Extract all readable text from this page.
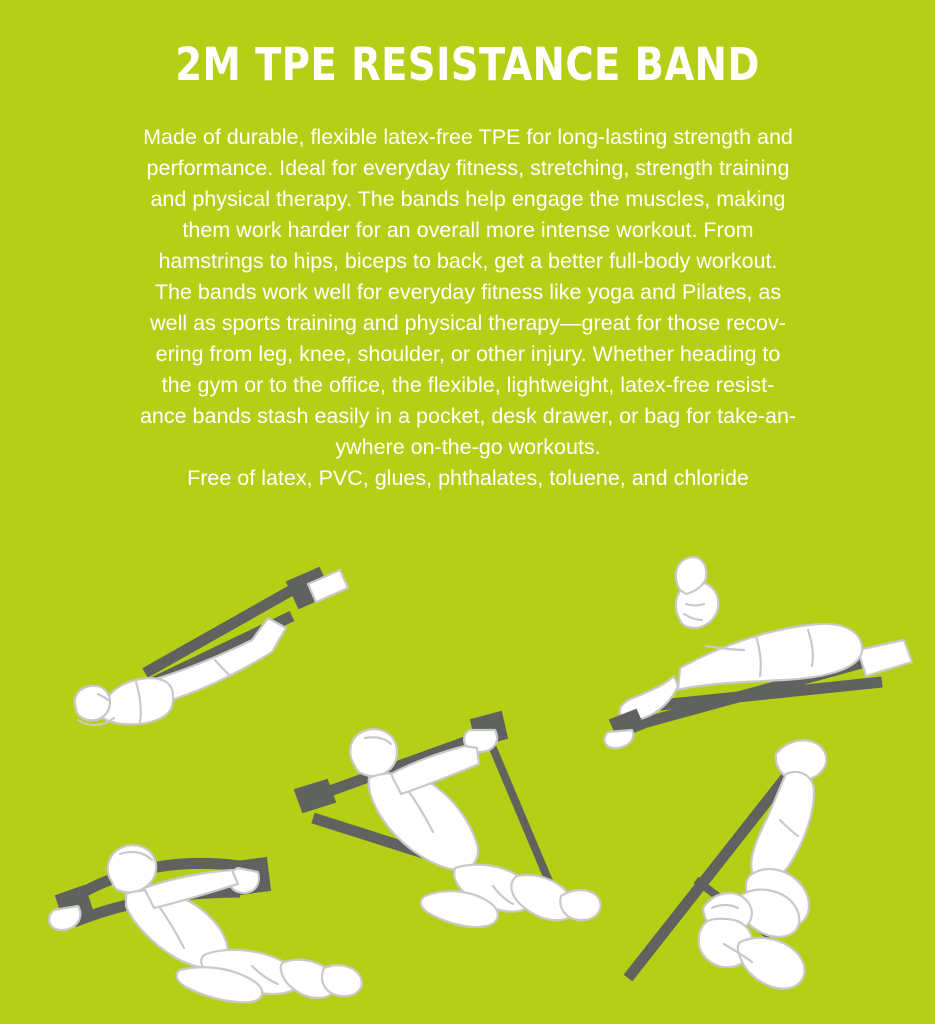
2M TPE RESISTANCE BAND
Made of durable, flexible latex-free TPE for long-lasting strength and
performance. Ideal for everyday fitness, stretching, strength training
and physical therapy. The bands help engage the muscles, making
them work harder for an overall more intense workout. From
hamstrings to hips, biceps to back, get a better full-body workout.
The bands work well for everyday fitness like yoga and Pilates, as
well as sports training and physical therapy—great for those recov-
ering from leg, knee, shoulder, or other injury. Whether heading to
the gym or to the office, the flexible, lightweight, latex-free resist-
ance bands stash easily in a pocket, desk drawer, or bag for take-an-
ywhere on-the-go workouts.
Free of latex, PVC, glues, phthalates, toluene, and chloride
